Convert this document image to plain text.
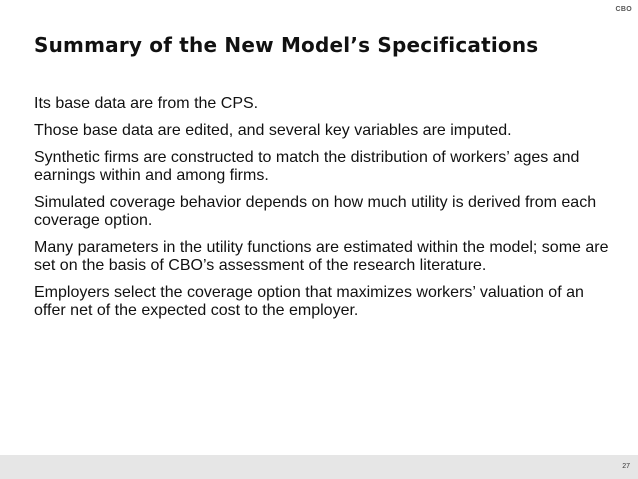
CBO
Summary of the New Model’s Specifications
Its base data are from the CPS.
Those base data are edited, and several key variables are imputed.
Synthetic firms are constructed to match the distribution of workers’ ages and earnings within and among firms.
Simulated coverage behavior depends on how much utility is derived from each coverage option.
Many parameters in the utility functions are estimated within the model; some are set on the basis of CBO’s assessment of the research literature.
Employers select the coverage option that maximizes workers’ valuation of an offer net of the expected cost to the employer.
27
